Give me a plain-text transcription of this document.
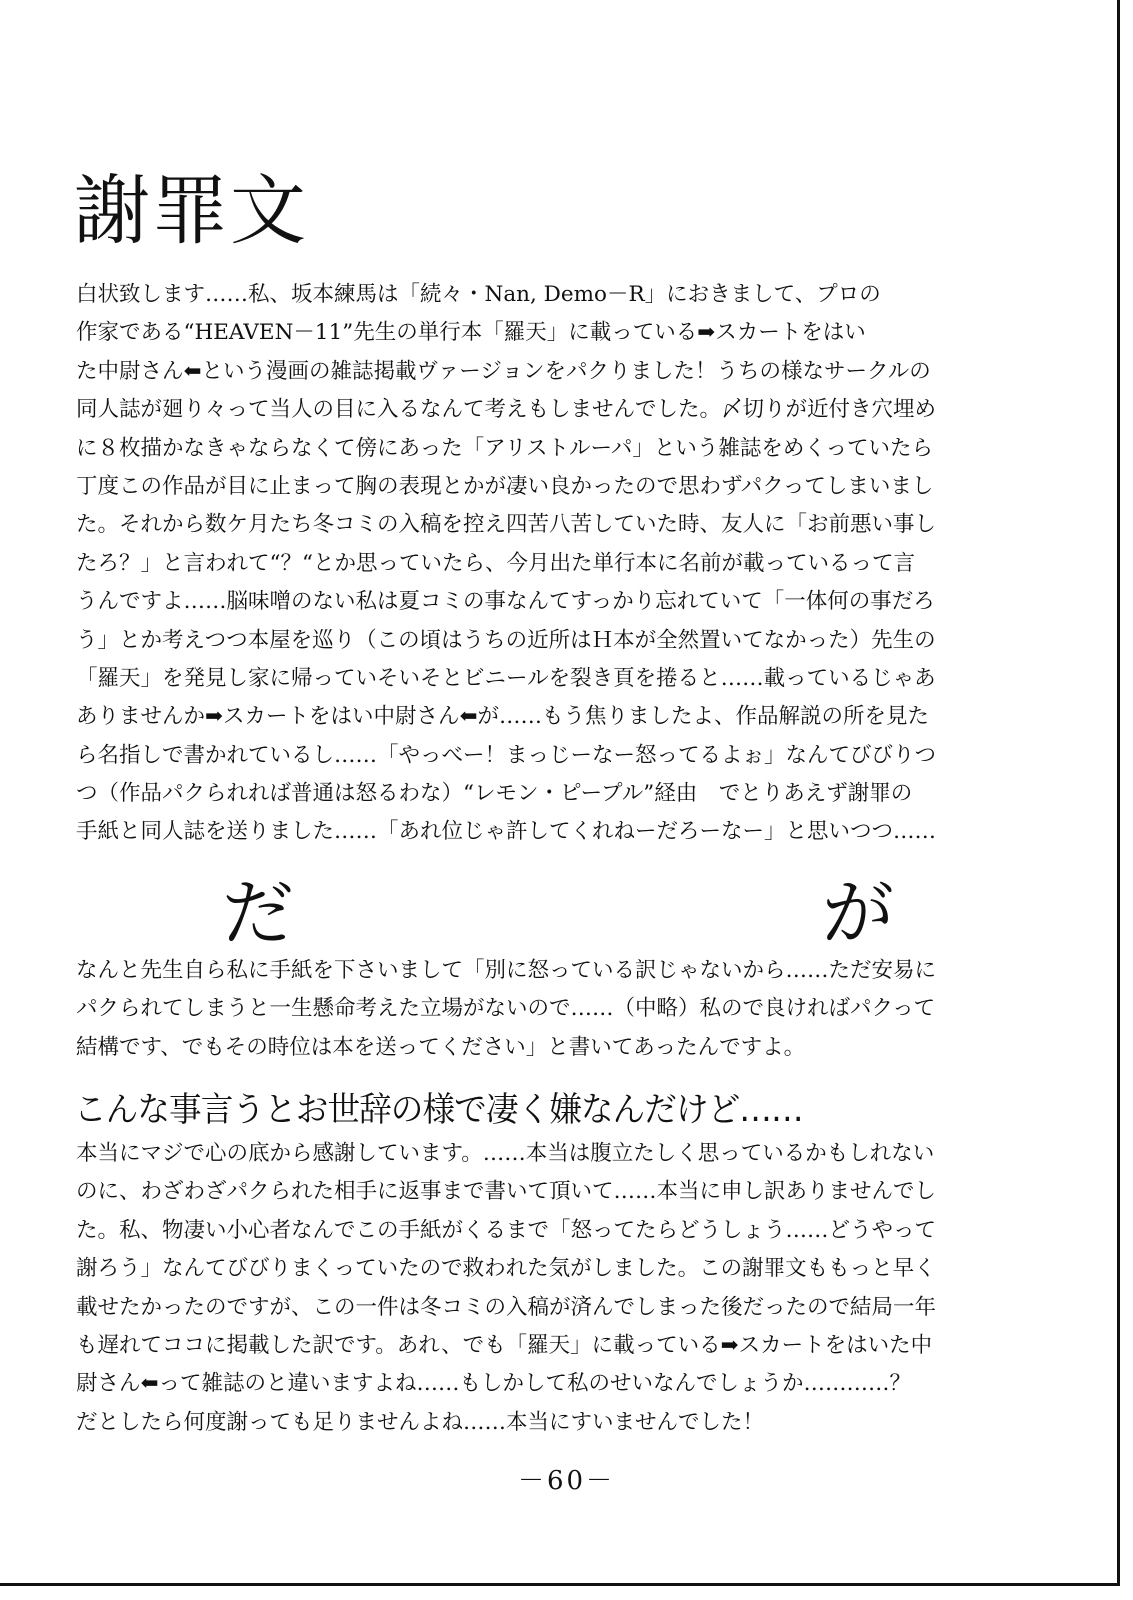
謝罪文
白状致します……私、坂本練馬は「続々・Nan, Demo－R」におきまして、プロの
作家である“HEAVEN－11”先生の単行本「羅天」に載っている➡スカートをはい
た中尉さん⬅という漫画の雑誌掲載ヴァージョンをパクりました！うちの様なサークルの
同人誌が廻り々って当人の目に入るなんて考えもしませんでした。〆切りが近付き穴埋め
に８枚描かなきゃならなくて傍にあった「アリストルーパ」という雑誌をめくっていたら
丁度この作品が目に止まって胸の表現とかが凄い良かったので思わずパクってしまいまし
た。それから数ケ月たち冬コミの入稿を控え四苦八苦していた時、友人に「お前悪い事し
たろ？」と言われて“？“とか思っていたら、今月出た単行本に名前が載っているって言
うんですよ……脳味噌のない私は夏コミの事なんてすっかり忘れていて「一体何の事だろ
う」とか考えつつ本屋を巡り（この頃はうちの近所はＨ本が全然置いてなかった）先生の
「羅天」を発見し家に帰っていそいそとビニールを裂き頁を捲ると……載っているじゃあ
ありませんか➡スカートをはい中尉さん⬅が……もう焦りましたよ、作品解説の所を見た
ら名指しで書かれているし……「やっべー！まっじーなー怒ってるよぉ」なんてびびりつ
つ（作品パクられれば普通は怒るわな）“レモン・ピープル”経由　でとりあえず謝罪の
手紙と同人誌を送りました……「あれ位じゃ許してくれねーだろーなー」と思いつつ……
だ	が
なんと先生自ら私に手紙を下さいまして「別に怒っている訳じゃないから……ただ安易に
パクられてしまうと一生懸命考えた立場がないので……（中略）私ので良ければパクって
結構です、でもその時位は本を送ってください」と書いてあったんですよ。
こんな事言うとお世辞の様で凄く嫌なんだけど……
本当にマジで心の底から感謝しています。……本当は腹立たしく思っているかもしれない
のに、わざわざパクられた相手に返事まで書いて頂いて……本当に申し訳ありませんでし
た。私、物凄い小心者なんでこの手紙がくるまで「怒ってたらどうしょう……どうやって
謝ろう」なんてびびりまくっていたので救われた気がしました。この謝罪文ももっと早く
載せたかったのですが、この一件は冬コミの入稿が済んでしまった後だったので結局一年
も遅れてココに掲載した訳です。あれ、でも「羅天」に載っている➡スカートをはいた中
尉さん⬅って雑誌のと違いますよね……もしかして私のせいなんでしょうか…………？
だとしたら何度謝っても足りませんよね……本当にすいませんでした！
－60－
